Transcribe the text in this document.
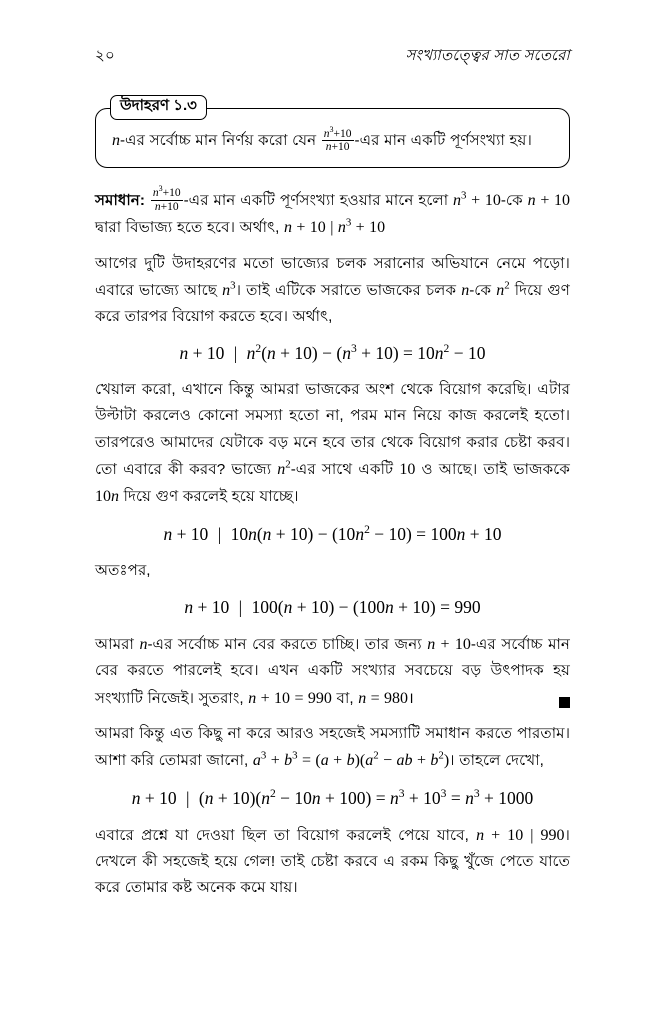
২০	সংখ্যাতত্ত্বের সাত সতেরো
উদাহরণ ১.৩
n-এর সর্বোচ্চ মান নির্ণয় করো যেন $\frac{n^3+10}{n+10}$ -এর মান একটি পূর্ণসংখ্যা হয়।
সমাধান: $\frac{n^3+10}{n+10}$ -এর মান একটি পূর্ণসংখ্যা হওয়ার মানে হলো $n^3$ + 10-কে n + 10 দ্বারা বিভাজ্য হতে হবে। অর্থাৎ, n + 10 | $n^3 + 10$
আগের দুটি উদাহরণের মতো ভাজ্যের চলক সরানোর অভিযানে নেমে পড়ো। এবারে ভাজ্যে আছে $n^3।$ তাই এটিকে সরাতে ভাজকের চলক n-কে $n^2$ দিয়ে গুণ করে তারপর বিয়োগ করতে হবে। অর্থাৎ,
n + 10 | $n^2(n + 10) - (n^3 + 10) = 10n^2 - 10$
খেয়াল করো, এখানে কিন্তু আমরা ভাজকের অংশ থেকে বিয়োগ করেছি। এটার উল্টাটা করলেও কোনো সমস্যা হতো না, পরম মান নিয়ে কাজ করলেই হতো। তারপরেও আমাদের যেটাকে বড় মনে হবে তার থেকে বিয়োগ করার চেষ্টা করব। তো এবারে কী করব? ভাজ্যে $n^2-এর$ সাথে একটি 10 ও আছে। তাই ভাজককে 10n দিয়ে গুণ করলেই হয়ে যাচ্ছে।
n + 10 | $10n(n + 10) - (10n^2 - 10) = 100n + 10$
অতঃপর,
n + 10 | 100(n + 10) − (100n + 10) = 990
আমরা n-এর সর্বোচ্চ মান বের করতে চাচ্ছি। তার জন্য n + 10-এর সর্বোচ্চ মান বের করতে পারলেই হবে। এখন একটি সংখ্যার সবচেয়ে বড় উৎপাদক হয় সংখ্যাটি নিজেই। সুতরাং, n + 10 = 990 বা, n = 980।
আমরা কিন্তু এত কিছু না করে আরও সহজেই সমস্যাটি সমাধান করতে পারতাম। আশা করি তোমরা জানো, $a^3 + b^3 = (a + b)(a^2$ − ab + $b^2)।$ তাহলে দেখো,
n + 10 | $(n + 10)(n^2 - 10n + 100) = n^3 + 10^3 = n^3 + 1000$
এবারে প্রশ্নে যা দেওয়া ছিল তা বিয়োগ করলেই পেয়ে যাবে, n + 10 | 990। দেখলে কী সহজেই হয়ে গেল! তাই চেষ্টা করবে এ রকম কিছু খুঁজে পেতে যাতে করে তোমার কষ্ট অনেক কমে যায়।
